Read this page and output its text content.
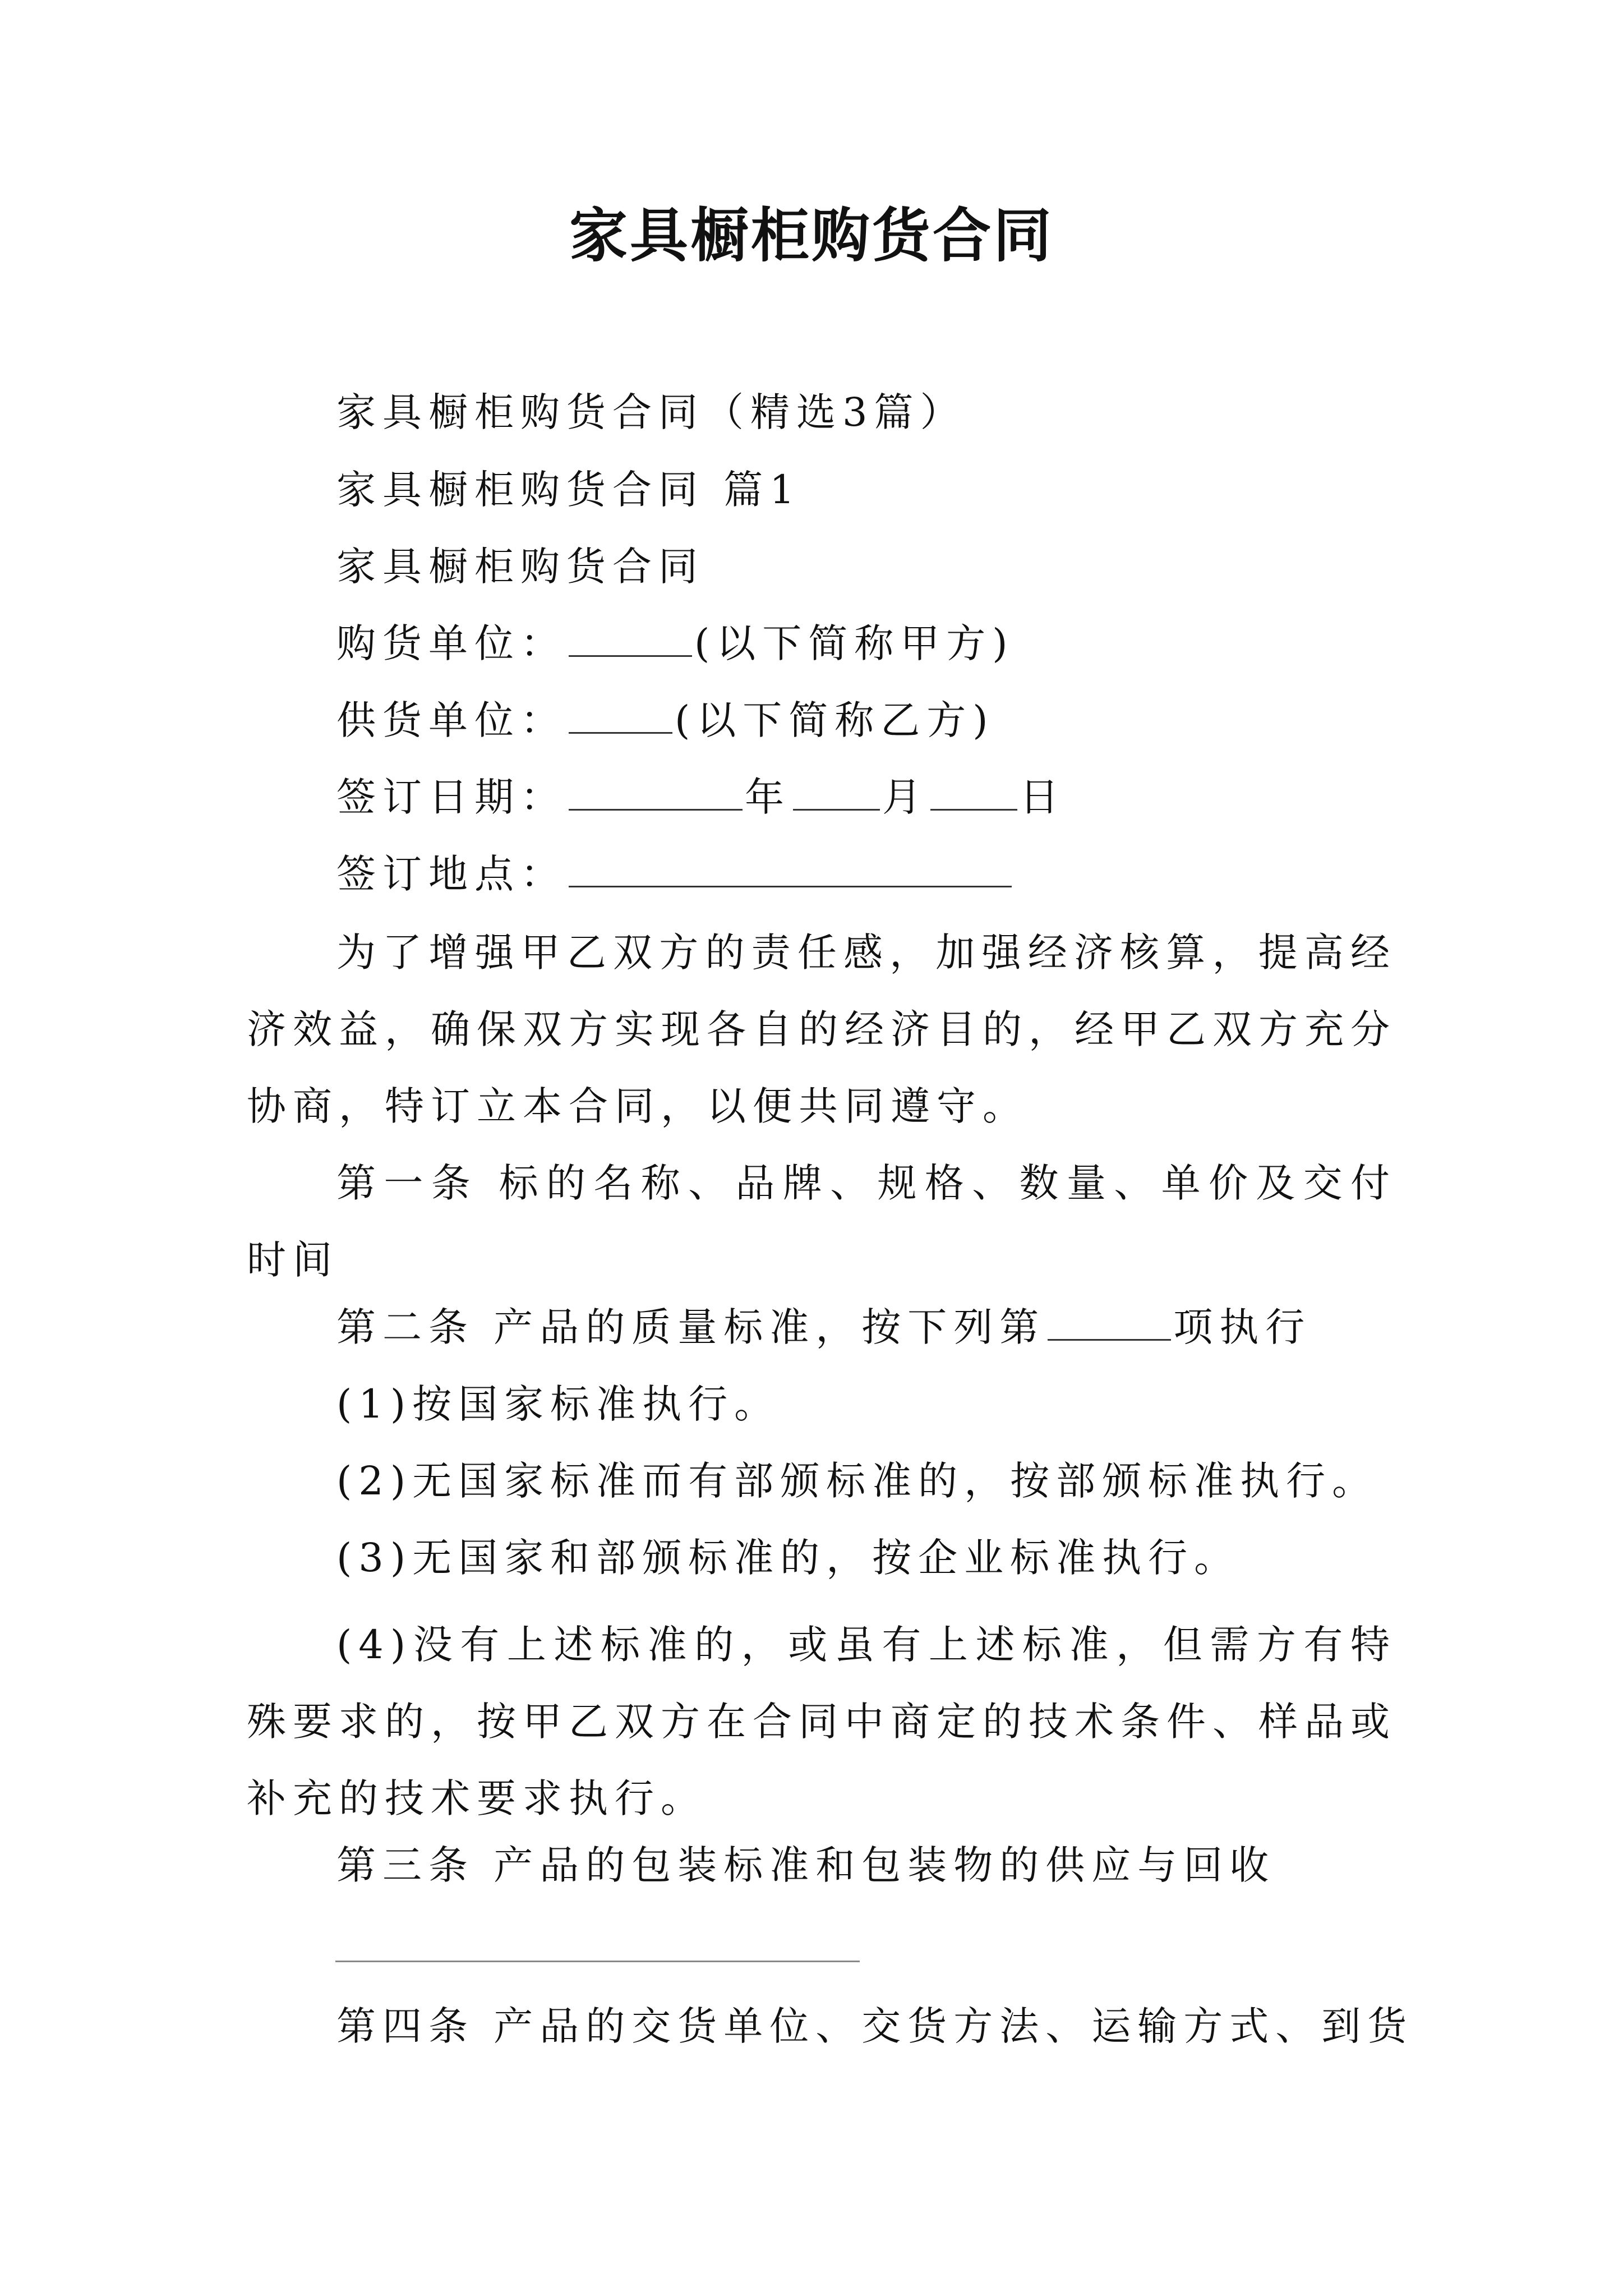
家具橱柜购货合同
家具橱柜购货合同（精选3篇）
家具橱柜购货合同 篇1
家具橱柜购货合同
购货单位：	(以下简称甲方)
供货单位：	(以下简称乙方)
签订日期：	年 月 日
签订地点：
为了增强甲乙双方的责任感，加强经济核算，提高经济效益，确保双方实现各自的经济目的，经甲乙双方充分协商，特订立本合同，以便共同遵守。
第一条 标的名称、品牌、规格、数量、单价及交付时间
第二条 产品的质量标准，按下列第	项执行
(1)按国家标准执行。
(2)无国家标准而有部颁标准的，按部颁标准执行。
(3)无国家和部颁标准的，按企业标准执行。
(4)没有上述标准的，或虽有上述标准，但需方有特殊要求的，按甲乙双方在合同中商定的技术条件、样品或补充的技术要求执行。
第三条 产品的包装标准和包装物的供应与回收
第四条 产品的交货单位、交货方法、运输方式、到货
